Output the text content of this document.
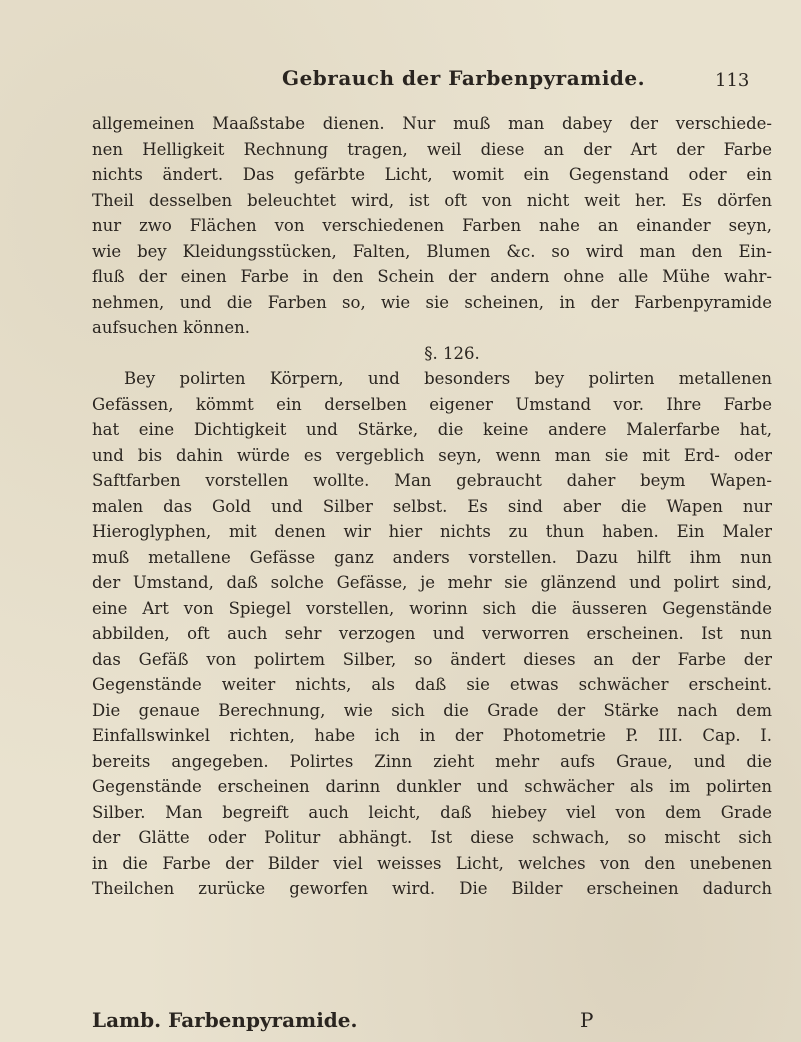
Gebrauch der Farbenpyramide.	113
allgemeinen Maaßstabe dienen. Nur muß man dabey der verschiede-
nen Helligkeit Rechnung tragen, weil diese an der Art der Farbe
nichts ändert. Das gefärbte Licht, womit ein Gegenstand oder ein
Theil desselben beleuchtet wird, ist oft von nicht weit her. Es dörfen
nur zwo Flächen von verschiedenen Farben nahe an einander seyn,
wie bey Kleidungsstücken, Falten, Blumen &c. so wird man den Ein-
fluß der einen Farbe in den Schein der andern ohne alle Mühe wahr-
nehmen, und die Farben so, wie sie scheinen, in der Farbenpyramide
aufsuchen können.
§. 126.
Bey polirten Körpern, und besonders bey polirten metallenen
Gefässen, kömmt ein derselben eigener Umstand vor. Ihre Farbe
hat eine Dichtigkeit und Stärke, die keine andere Malerfarbe hat,
und bis dahin würde es vergeblich seyn, wenn man sie mit Erd- oder
Saftfarben vorstellen wollte. Man gebraucht daher beym Wapen-
malen das Gold und Silber selbst. Es sind aber die Wapen nur
Hieroglyphen, mit denen wir hier nichts zu thun haben. Ein Maler
muß metallene Gefässe ganz anders vorstellen. Dazu hilft ihm nun
der Umstand, daß solche Gefässe, je mehr sie glänzend und polirt sind,
eine Art von Spiegel vorstellen, worinn sich die äusseren Gegenstände
abbilden, oft auch sehr verzogen und verworren erscheinen. Ist nun
das Gefäß von polirtem Silber, so ändert dieses an der Farbe der
Gegenstände weiter nichts, als daß sie etwas schwächer erscheint.
Die genaue Berechnung, wie sich die Grade der Stärke nach dem
Einfallswinkel richten, habe ich in der Photometrie P. III. Cap. I.
bereits angegeben. Polirtes Zinn zieht mehr aufs Graue, und die
Gegenstände erscheinen darinn dunkler und schwächer als im polirten
Silber. Man begreift auch leicht, daß hiebey viel von dem Grade
der Glätte oder Politur abhängt. Ist diese schwach, so mischt sich
in die Farbe der Bilder viel weisses Licht, welches von den unebenen
Theilchen zurücke geworfen wird. Die Bilder erscheinen dadurch
Lamb. Farbenpyramide.	P
